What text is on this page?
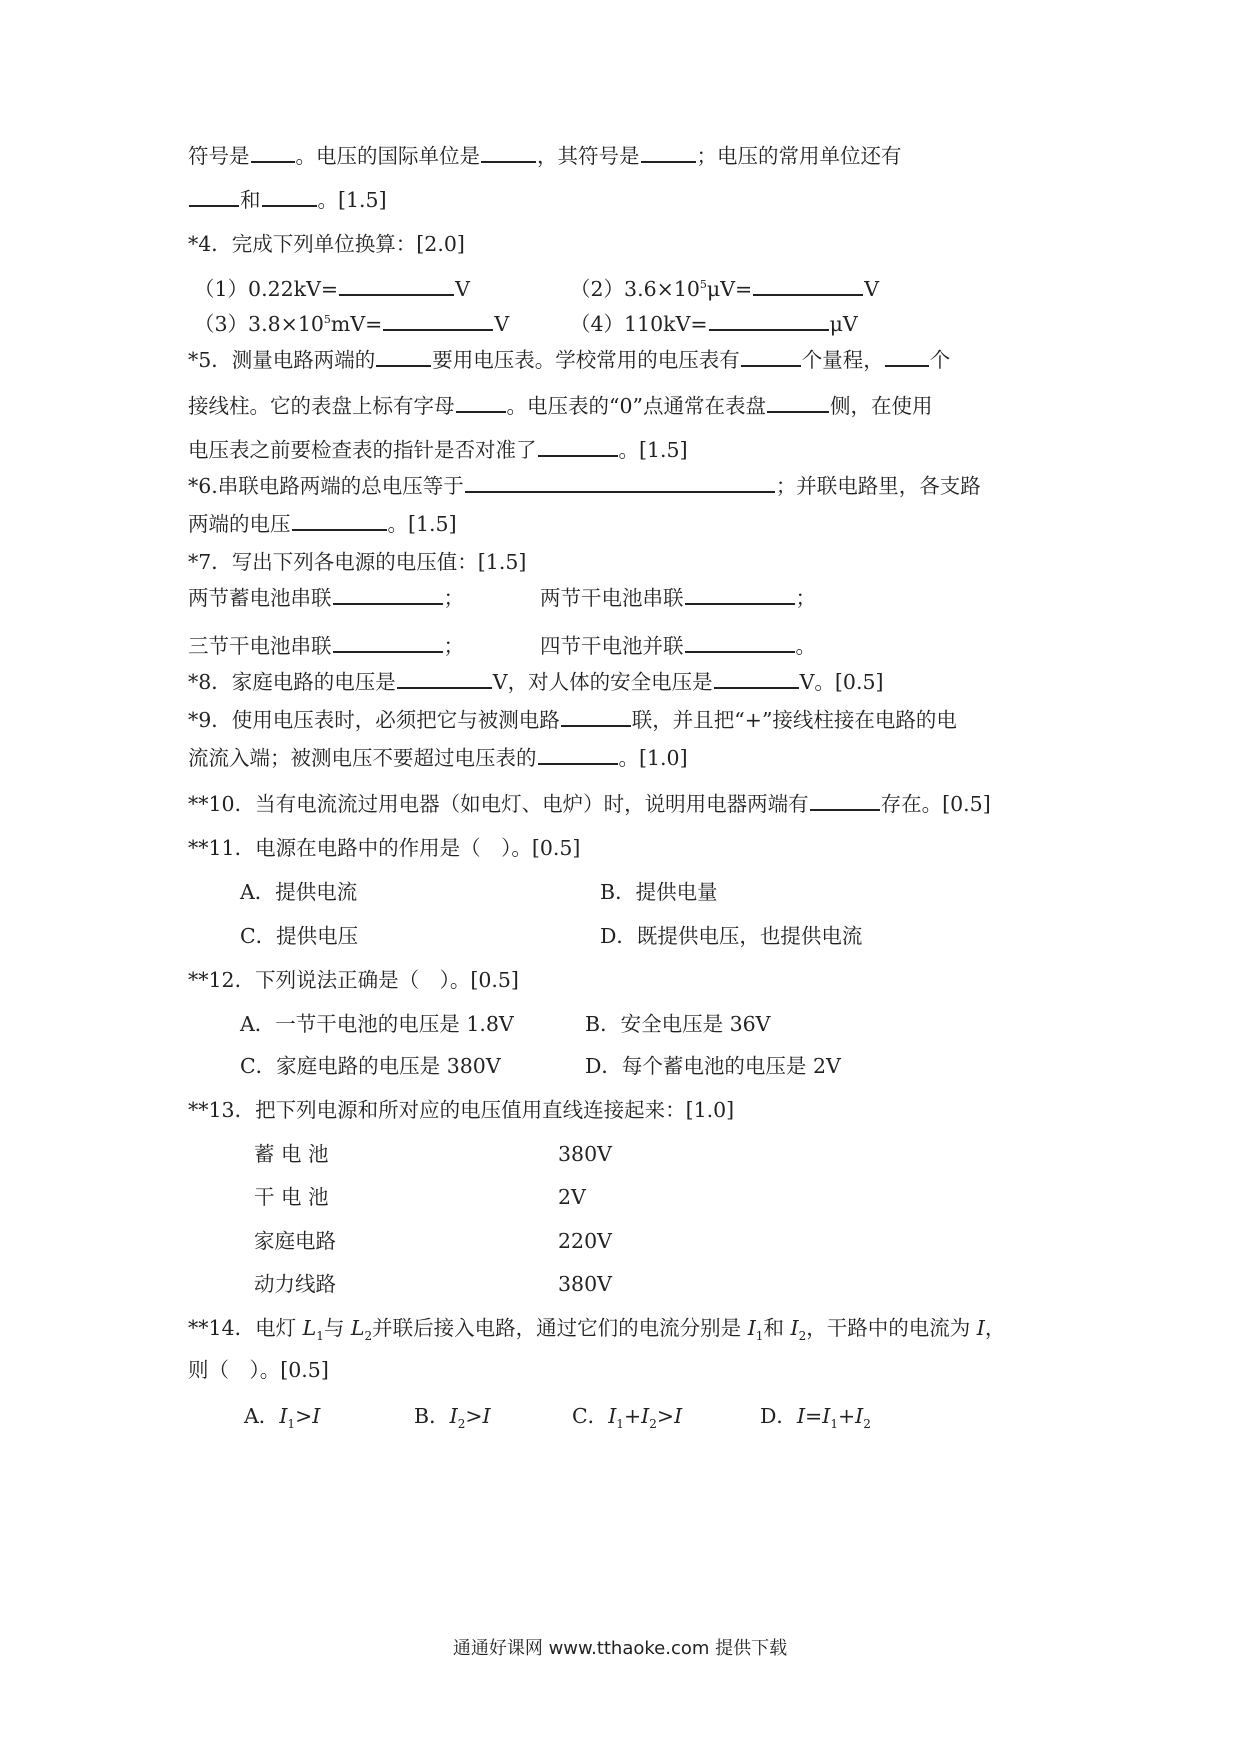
符号是 。电压的国际单位是	，其符号是	；电压的常用单位还有
和	。[1.5]
*4．完成下列单位换算：[2.0]
（1）0.22kV=	V	$(2)3.6\times 10^5\mu V=$	V
$(3)3.8\times 10^5mV=$	V	（4）110kV=	μV
*5．测量电路两端的	要用电压表。学校常用的电压表有	个量程， 个
接线柱。它的表盘上标有字母	。电压表的“0”点通常在表盘	侧，在使用
电压表之前要检查表的指针是否对准了	。[1.5]
*6.串联电路两端的总电压等于	；并联电路里，各支路
两端的电压	。[1.5]
*7．写出下列各电源的电压值：[1.5]
两节蓄电池串联	；	两节干电池串联	；
三节干电池串联	；	四节干电池并联	。
*8．家庭电路的电压是	V，对人体的安全电压是	V。[0.5]
*9．使用电压表时，必须把它与被测电路	联，并且把“+”接线柱接在电路的电
流流入端；被测电压不要超过电压表的	。[1.0]
**10．当有电流流过用电器（如电灯、电炉）时，说明用电器两端有	存在。[0.5]
**11．电源在电路中的作用是（　）。[0.5]
A．提供电流	B．提供电量
C．提供电压	D．既提供电压，也提供电流
**12．下列说法正确是（　）。[0.5]
A．一节干电池的电压是 1.8V	B．安全电压是 36V
C．家庭电路的电压是 380V	D．每个蓄电池的电压是 2V
**13．把下列电源和所对应的电压值用直线连接起来：[1.0]
蓄 电 池	380V
干 电 池	2V
家庭电路	220V
动力线路	380V
**14．电灯 $L_1$与 $L_2$并联后接入电路，通过它们的电流分别是 $I_1$和 $I_2$，干路中的电流为 I，
则（　）。[0.5]
A．$I_1>I$	B．$I_2>I$	C．$I_1+I_2>I$	D．$I=I_1+I_2$
通通好课网 www.tthaoke.com 提供下载
